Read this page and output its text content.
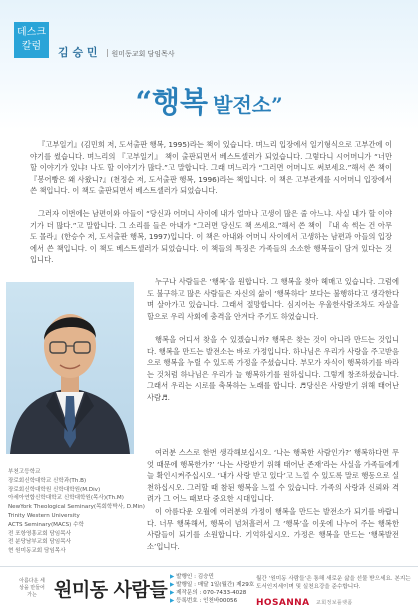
데스크
칼럼	김 승 민 원미동교회 담임목사
“행복 발전소”

『고부일기』(김민희 저, 도서출판 행복, 1995)라는 책이 있습니다. 며느리 입장에서 일기형식으로 고부간에 이야기를 썼습니다. 며느리의 『고부일기』 책이 출판되면서 베스트셀러가 되었습니다. 그렇다니 시어머니가 “너만 할 이야기가 있냐! 나도 할 이야기가 많다.”고 말합니다. 그래 며느리가 “그러면 어머니도 써보세요.”해서 쓴 책이 『봉어빵은 왜 사왔니?』(천정순 저, 도서출판 행복, 1996)라는 책입니다. 이 책은 고부관계를 시어머니 입장에서 쓴 책입니다. 이 책도 출판되면서 베스트셀러가 되었습니다.

그러자 이번에는 남편이와 아들이 “당신과 어머니 사이에 내가 얼마나 고생이 많은 줄 아느냐. 사실 내가 할 이야기가 더 많다.”고 말합니다. 그 소리를 들은 아내가 “그러면 당신도 책 쓰세요.”해서 쓴 책이 『내 속 썩는 건 아무도 몰라』(한승수 저, 도서출판 행복, 1997)입니다. 이 책은 아내와 어머니 사이에서 고생하는 남편과 아들의 입장에서 쓴 책입니다. 이 책도 베스트셀러가 되었습니다. 이 책들의 특징은 가족들의 소소한 행복들이 담겨 있다는 것입니다.

부천고등학교
장로회신학대학교 신학과(Th.B)
장로회신학대학원 신학대학원(M.Div)
아세아연합신학대학교 신학대학원(목사)(Th.M)
NewYork Theological Seminary(목회학박사, D.Min)
Trinity Western University
ACTS Seminary(MACS) 수학
전 포항영흥교회 담임목사
전 분당남부교회 담임목사
현 원미동교회 담임목사

누구나 사람들은 ‘행복’을 원합니다. 그 행복을 찾아 헤매고 있습니다. 그럼에도 불구하고 많은 사람들은 자신의 삶이 ‘행복하다’ 보다는 불행하다고 생각한다며 살아가고 있습니다. 그래서 절망합니다. 심지어는 우울한사람조차도 자살을 할으로 우리 사회에 충격을 안겨다 주기도 하였습니다.

행복을 어디서 찾을 수 있겠습니까? 행복은 찾는 것이 아니라 만드는 것입니다. 행복을 만드는 발전소는 바로 가정입니다. 하나님은 우리가 사랑을 주고받음으로 행복을 누릴 수 있도록 가정을 주셨습니다. 부모가 자식이 행복하기를 바라는 것처럼 하나님은 우리가 늘 행복하기를 원하십니다. 그렇게 창조하셨습니다. 그래서 우리는 시로를 축복하는 노래를 합니다. ♬당신은 사랑받기 위해 태어난 사람♬.

여러분 스스로 한번 생각해보십시오. ‘나는 행복한 사람인가?’ 행복하다면 무엇 때문에 행복한가?’ ‘나는 사랑받기 위해 태어난 존재’라는 사실을 가족들에게 늘 확인시켜주십시오. ‘내가 사랑 받고 있다’고 느낄 수 있도록 말로 행동으로 실천하십시오. 그러할 때 참된 행복을 느낄 수 있습니다. 가족의 사랑과 신뢰와 격려가 그 어느 때보다 중요한 시대입니다.

이 아름다운 오월에 여러분의 가정이 행복을 만드는 발전소가 되기를 바랍니다. 너무 행복해서, 행복이 넘쳐흘러서 그 ‘행복’을 이웃에 나누어 주는 행복한 사람들이 되기를 소원합니다. 기억하십시오. 가정은 행복을 만드는 ‘행복발전소’입니다.

아름다운 세상을 만들어가는 원미동 사람들
▶ 발행인 : 김승민
▶ 발행일 : 매달 1일(월간) 제29호
▶ 제작문의 : 070-7433-4028
▶ 등록번호 : 인천바00056
월간 ‘원미동 사람들’은 통해 새로운 삶을 선물 받으세요. 본지는 도서인지세이며 및 실천요강을 준수합니다.
HOSANNA 교회정보플랫폼
